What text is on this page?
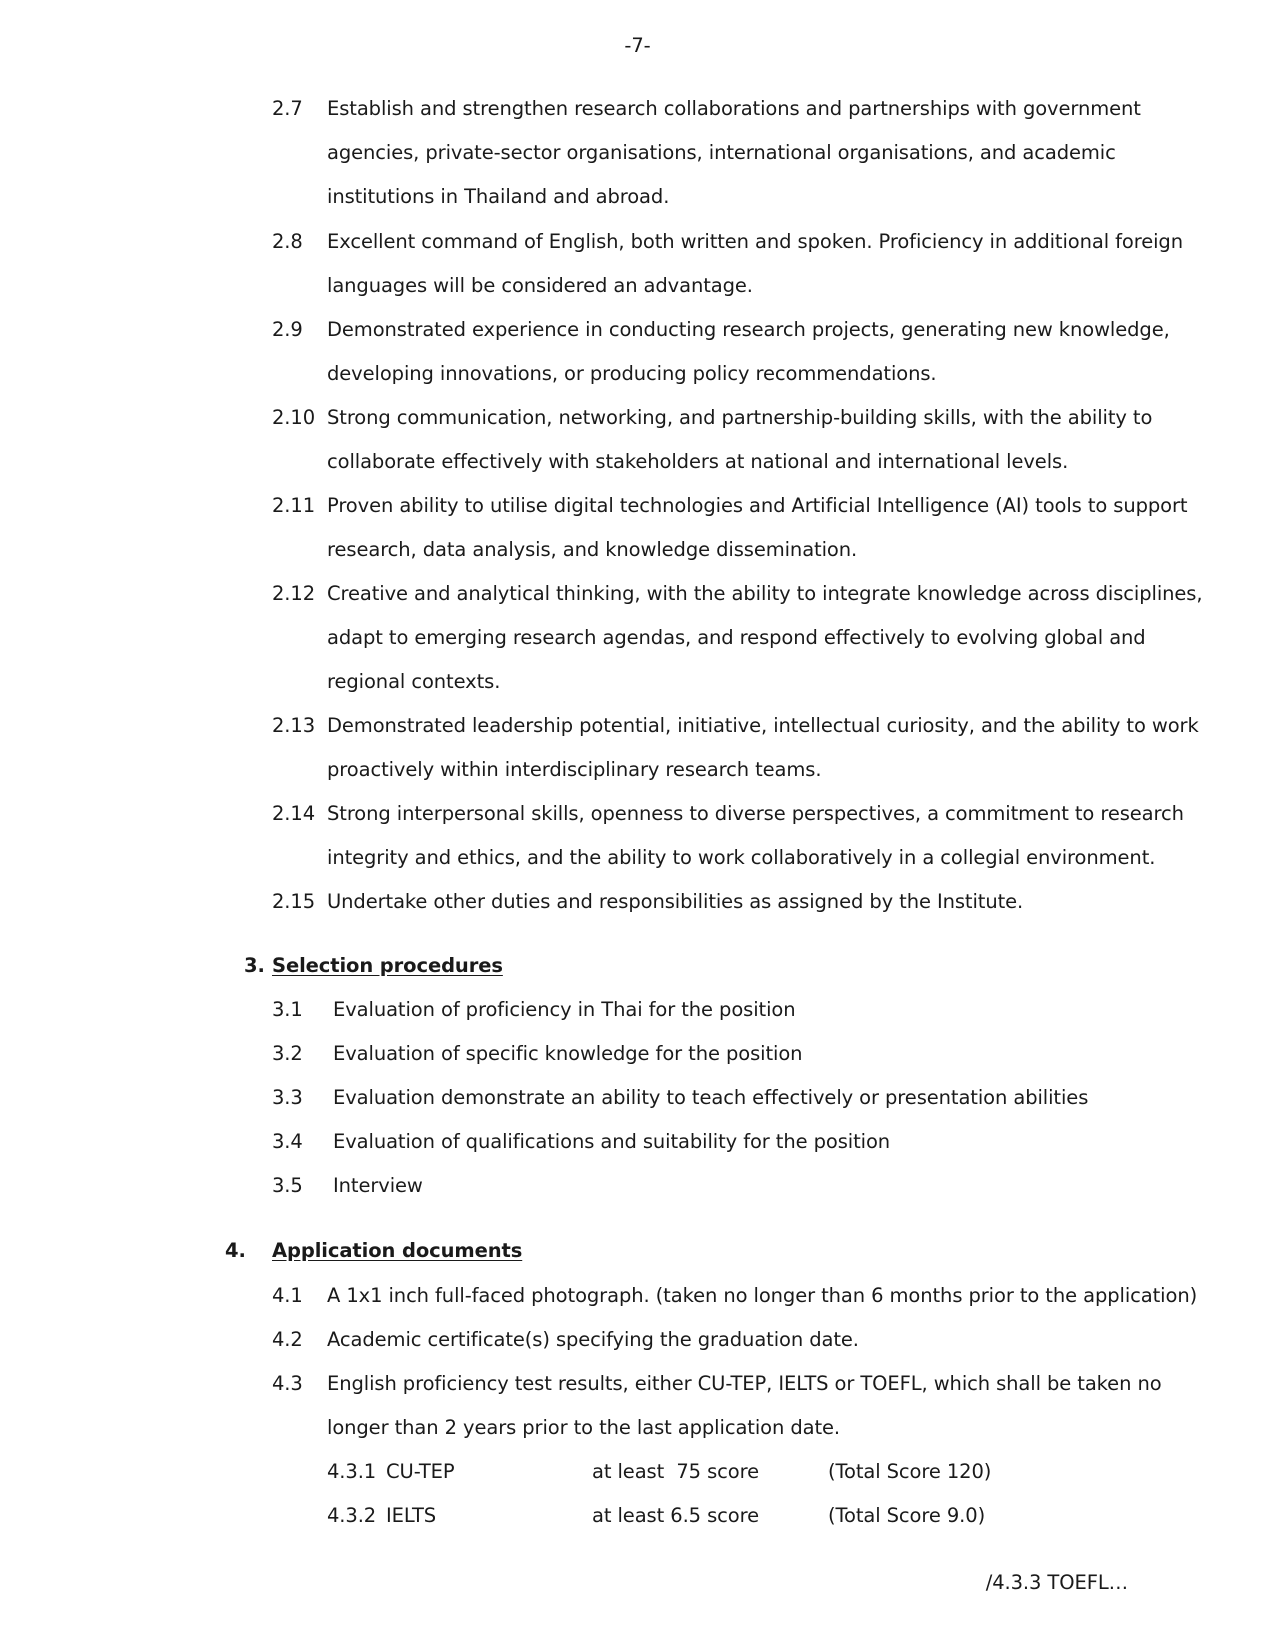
-7-
2.7 Establish and strengthen research collaborations and partnerships with government
agencies, private-sector organisations, international organisations, and academic
institutions in Thailand and abroad.
2.8 Excellent command of English, both written and spoken. Proficiency in additional foreign
languages will be considered an advantage.
2.9 Demonstrated experience in conducting research projects, generating new knowledge,
developing innovations, or producing policy recommendations.
2.10 Strong communication, networking, and partnership-building skills, with the ability to
collaborate effectively with stakeholders at national and international levels.
2.11 Proven ability to utilise digital technologies and Artificial Intelligence (AI) tools to support
research, data analysis, and knowledge dissemination.
2.12 Creative and analytical thinking, with the ability to integrate knowledge across disciplines,
adapt to emerging research agendas, and respond effectively to evolving global and
regional contexts.
2.13 Demonstrated leadership potential, initiative, intellectual curiosity, and the ability to work
proactively within interdisciplinary research teams.
2.14 Strong interpersonal skills, openness to diverse perspectives, a commitment to research
integrity and ethics, and the ability to work collaboratively in a collegial environment.
2.15 Undertake other duties and responsibilities as assigned by the Institute.
3. Selection procedures
3.1 Evaluation of proficiency in Thai for the position
3.2 Evaluation of specific knowledge for the position
3.3 Evaluation demonstrate an ability to teach effectively or presentation abilities
3.4 Evaluation of qualifications and suitability for the position
3.5 Interview
4. Application documents
4.1 A 1x1 inch full-faced photograph. (taken no longer than 6 months prior to the application)
4.2 Academic certificate(s) specifying the graduation date.
4.3 English proficiency test results, either CU-TEP, IELTS or TOEFL, which shall be taken no
longer than 2 years prior to the last application date.
4.3.1 CU-TEP	at least  75 score	(Total Score 120)
4.3.2 IELTS	at least 6.5 score	(Total Score 9.0)
/4.3.3 TOEFL…
